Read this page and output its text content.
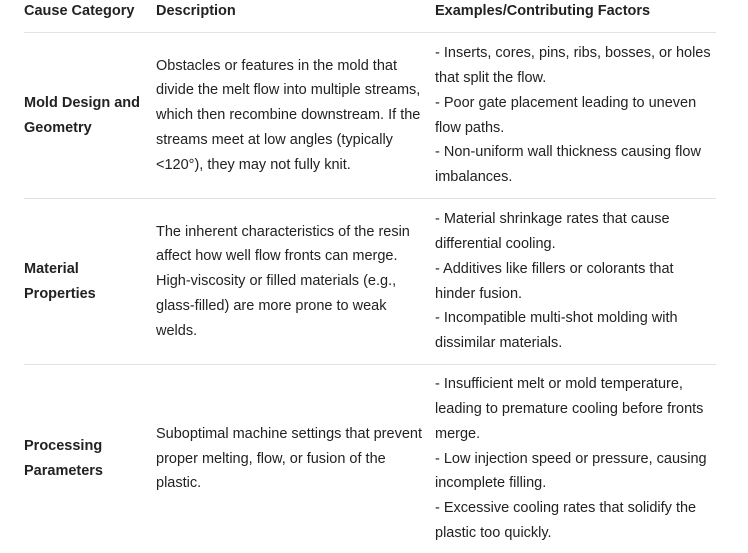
Cause Category	Description	Examples/Contributing Factors
Mold Design and Geometry
Obstacles or features in the mold that divide the melt flow into multiple streams, which then recombine downstream. If the streams meet at low angles (typically <120°), they may not fully knit.
- Inserts, cores, pins, ribs, bosses, or holes that split the flow.
- Poor gate placement leading to uneven flow paths.
- Non-uniform wall thickness causing flow imbalances.
Material Properties
The inherent characteristics of the resin affect how well flow fronts can merge. High-viscosity or filled materials (e.g., glass-filled) are more prone to weak welds.
- Material shrinkage rates that cause differential cooling.
- Additives like fillers or colorants that hinder fusion.
- Incompatible multi-shot molding with dissimilar materials.
Processing Parameters
Suboptimal machine settings that prevent proper melting, flow, or fusion of the plastic.
- Insufficient melt or mold temperature, leading to premature cooling before fronts merge.
- Low injection speed or pressure, causing incomplete filling.
- Excessive cooling rates that solidify the plastic too quickly.
